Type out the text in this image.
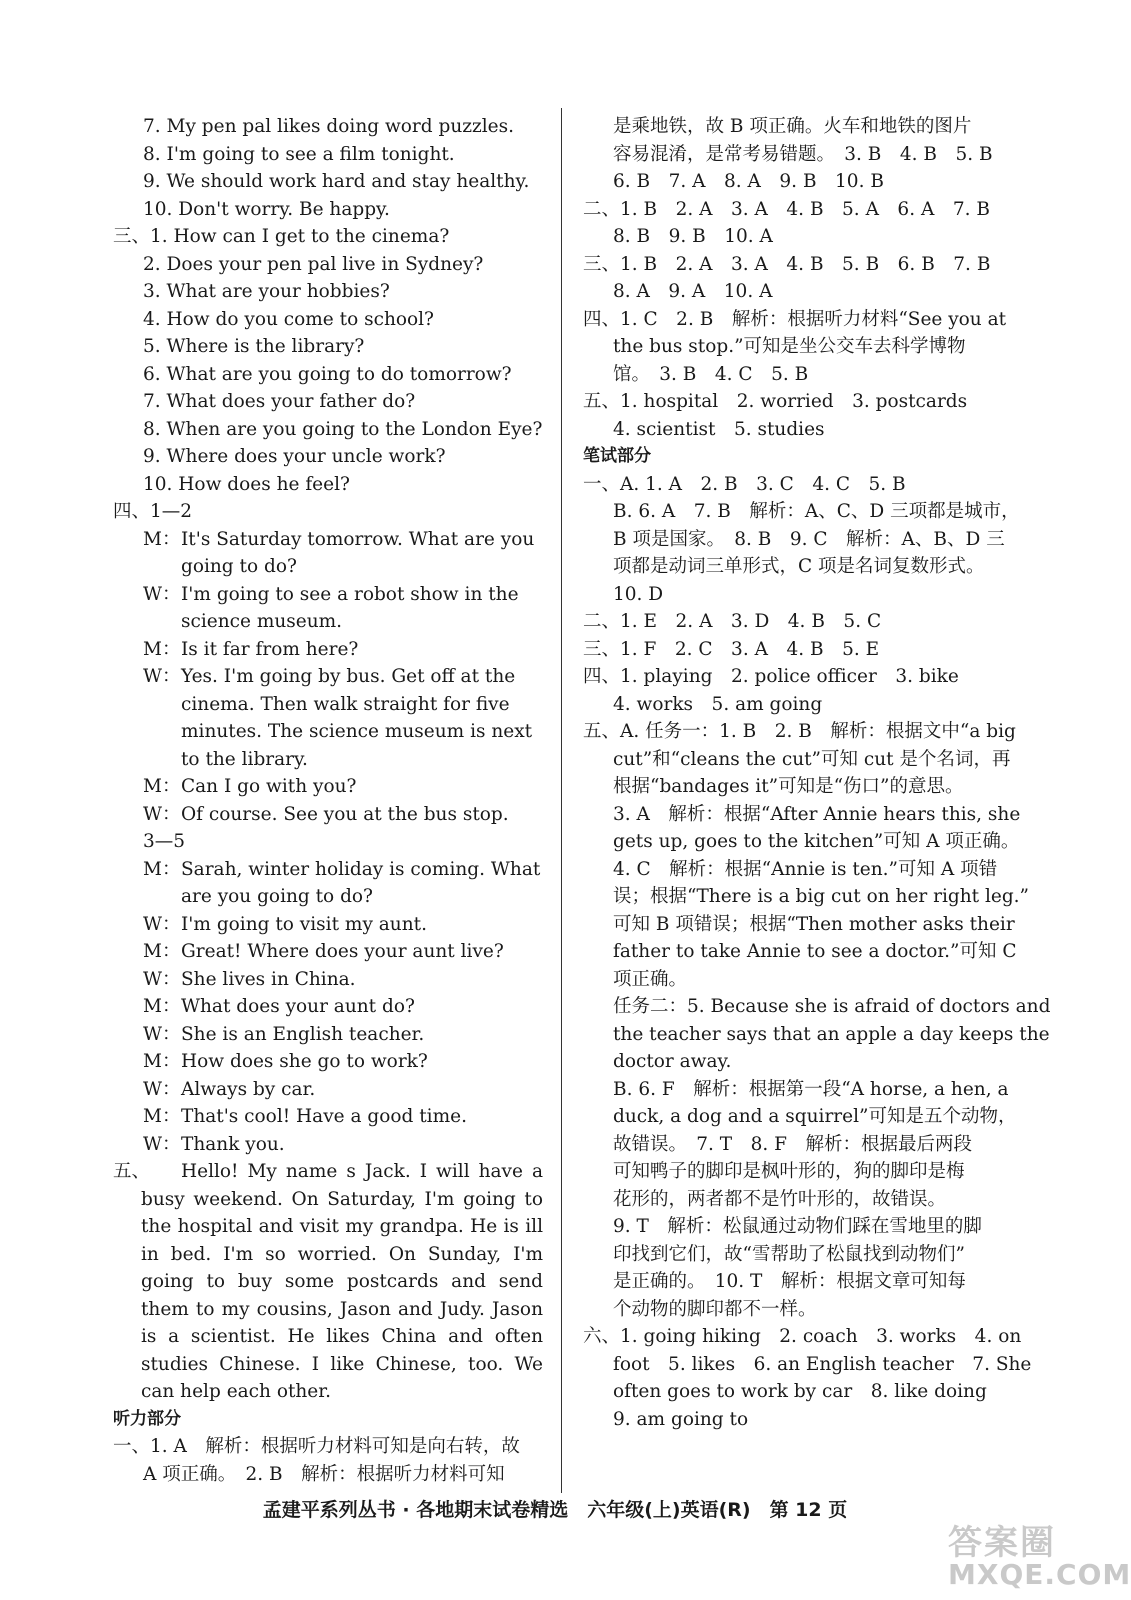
7. My pen pal likes doing word puzzles.
8. I'm going to see a film tonight.
9. We should work hard and stay healthy.
10. Don't worry. Be happy.
三、1. How can I get to the cinema?
2. Does your pen pal live in Sydney?
3. What are your hobbies?
4. How do you come to school?
5. Where is the library?
6. What are you going to do tomorrow?
7. What does your father do?
8. When are you going to the London Eye?
9. Where does your uncle work?
10. How does he feel?
四、1—2
M： It's Saturday tomorrow. What are you going to do?
W： I'm going to see a robot show in the science museum.
M： Is it far from here?
W： Yes. I'm going by bus. Get off at the cinema. Then walk straight for five minutes. The science museum is next to the library.
M： Can I go with you?
W： Of course. See you at the bus stop.
3—5
M： Sarah, winter holiday is coming. What are you going to do?
W： I'm going to visit my aunt.
M： Great! Where does your aunt live?
W： She lives in China.
M： What does your aunt do?
W： She is an English teacher.
M： How does she go to work?
W： Always by car.
M： That's cool! Have a good time.
W： Thank you.
五、	Hello! My name s Jack. I will have a busy weekend. On Saturday, I'm going to the hospital and visit my grandpa. He is ill in bed. I'm so worried. On Sunday, I'm going to buy some postcards and send them to my cousins, Jason and Judy. Jason is a scientist. He likes China and often studies Chinese. I like Chinese, too. We can help each other.
听力部分
一、1. A　解析：根据听力材料可知是向右转，故
A 项正确。　2. B　解析：根据听力材料可知
是乘地铁，故 B 项正确。火车和地铁的图片
容易混淆，是常考易错题。　3. B　4. B　5. B
6. B　7. A　8. A　9. B　10. B
二、1. B　2. A　3. A　4. B　5. A　6. A　7. B
8. B　9. B　10. A
三、1. B　2. A　3. A　4. B　5. B　6. B　7. B
8. A　9. A　10. A
四、1. C　2. B　解析：根据听力材料“See you at
the bus stop.”可知是坐公交车去科学博物
馆。　3. B　4. C　5. B
五、1. hospital　2. worried　3. postcards
4. scientist　5. studies
笔试部分
一、A. 1. A　2. B　3. C　4. C　5. B
B. 6. A　7. B　解析：A、C、D 三项都是城市，
B 项是国家。　8. B　9. C　解析：A、B、D 三
项都是动词三单形式，C 项是名词复数形式。
10. D
二、1. E　2. A　3. D　4. B　5. C
三、1. F　2. C　3. A　4. B　5. E
四、1. playing　2. police officer　3. bike
4. works　5. am going
五、A. 任务一：1. B　2. B　解析：根据文中“a big
cut”和“cleans the cut”可知 cut 是个名词，再
根据“bandages it”可知是“伤口”的意思。
3. A　解析：根据“After Annie hears this, she
gets up, goes to the kitchen”可知 A 项正确。
4. C　解析：根据“Annie is ten.”可知 A 项错
误；根据“There is a big cut on her right leg.”
可知 B 项错误；根据“Then mother asks their
father to take Annie to see a doctor.”可知 C
项正确。
任务二：5. Because she is afraid of doctors and
the teacher says that an apple a day keeps the
doctor away.
B. 6. F　解析：根据第一段“A horse, a hen, a
duck, a dog and a squirrel”可知是五个动物，
故错误。　7. T　8. F　解析：根据最后两段
可知鸭子的脚印是枫叶形的，狗的脚印是梅
花形的，两者都不是竹叶形的，故错误。
9. T　解析：松鼠通过动物们踩在雪地里的脚
印找到它们，故“雪帮助了松鼠找到动物们”
是正确的。　10. T　解析：根据文章可知每
个动物的脚印都不一样。
六、1. going hiking　2. coach　3. works　4. on
foot　5. likes　6. an English teacher　7. She
often goes to work by car　8. like doing
9. am going to
孟建平系列丛书 · 各地期末试卷精选　六年级(上)英语(R)　第 12 页
答案圈
MXQE.COM
